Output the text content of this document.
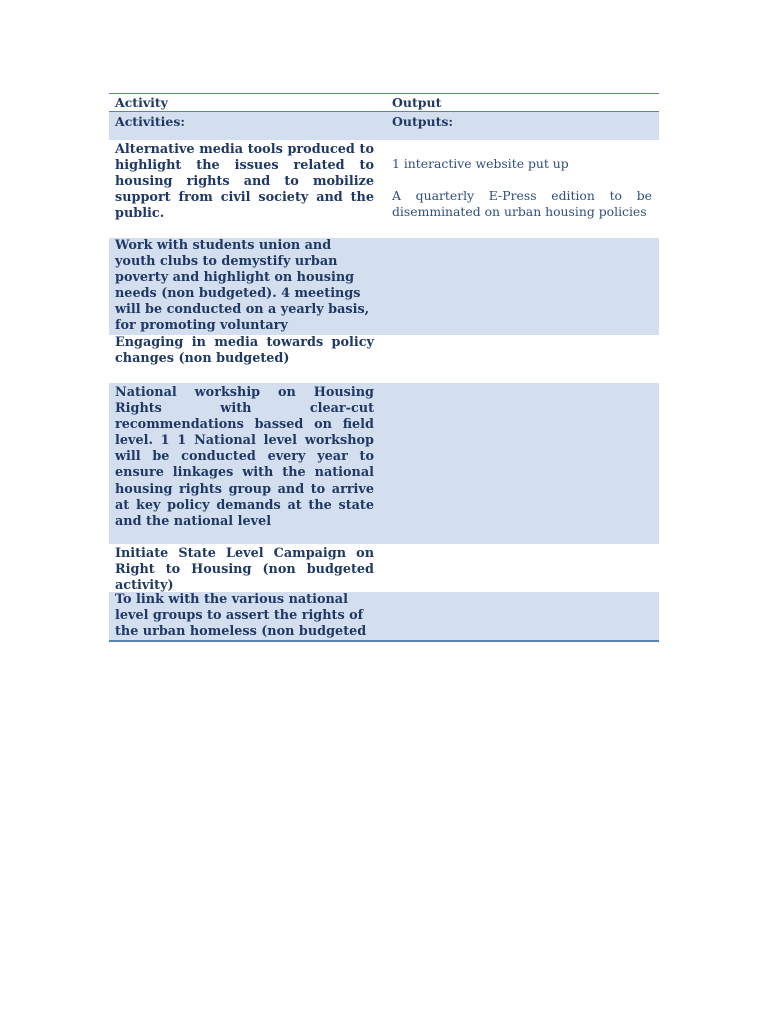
Activity	Output
Activities:	Outputs:
Alternative media tools produced to highlight the issues related to housing rights and to mobilize support from civil society and the public.

1 interactive website put up

A quarterly E-Press edition to be disemminated on urban housing policies

Work with students union and youth clubs to demystify urban poverty and highlight on housing needs (non budgeted). 4 meetings will be conducted on a yearly basis, for promoting voluntary
Engaging in media towards policy changes (non budgeted)
National workship on Housing Rights with clear-cut recommendations bassed on field level. 1 1 National level workshop will be conducted every year to ensure linkages with the national housing rights group and to arrive at key policy demands at the state and the national level
Initiate State Level Campaign on Right to Housing (non budgeted activity)
To link with the various national level groups to assert the rights of the urban homeless (non budgeted
